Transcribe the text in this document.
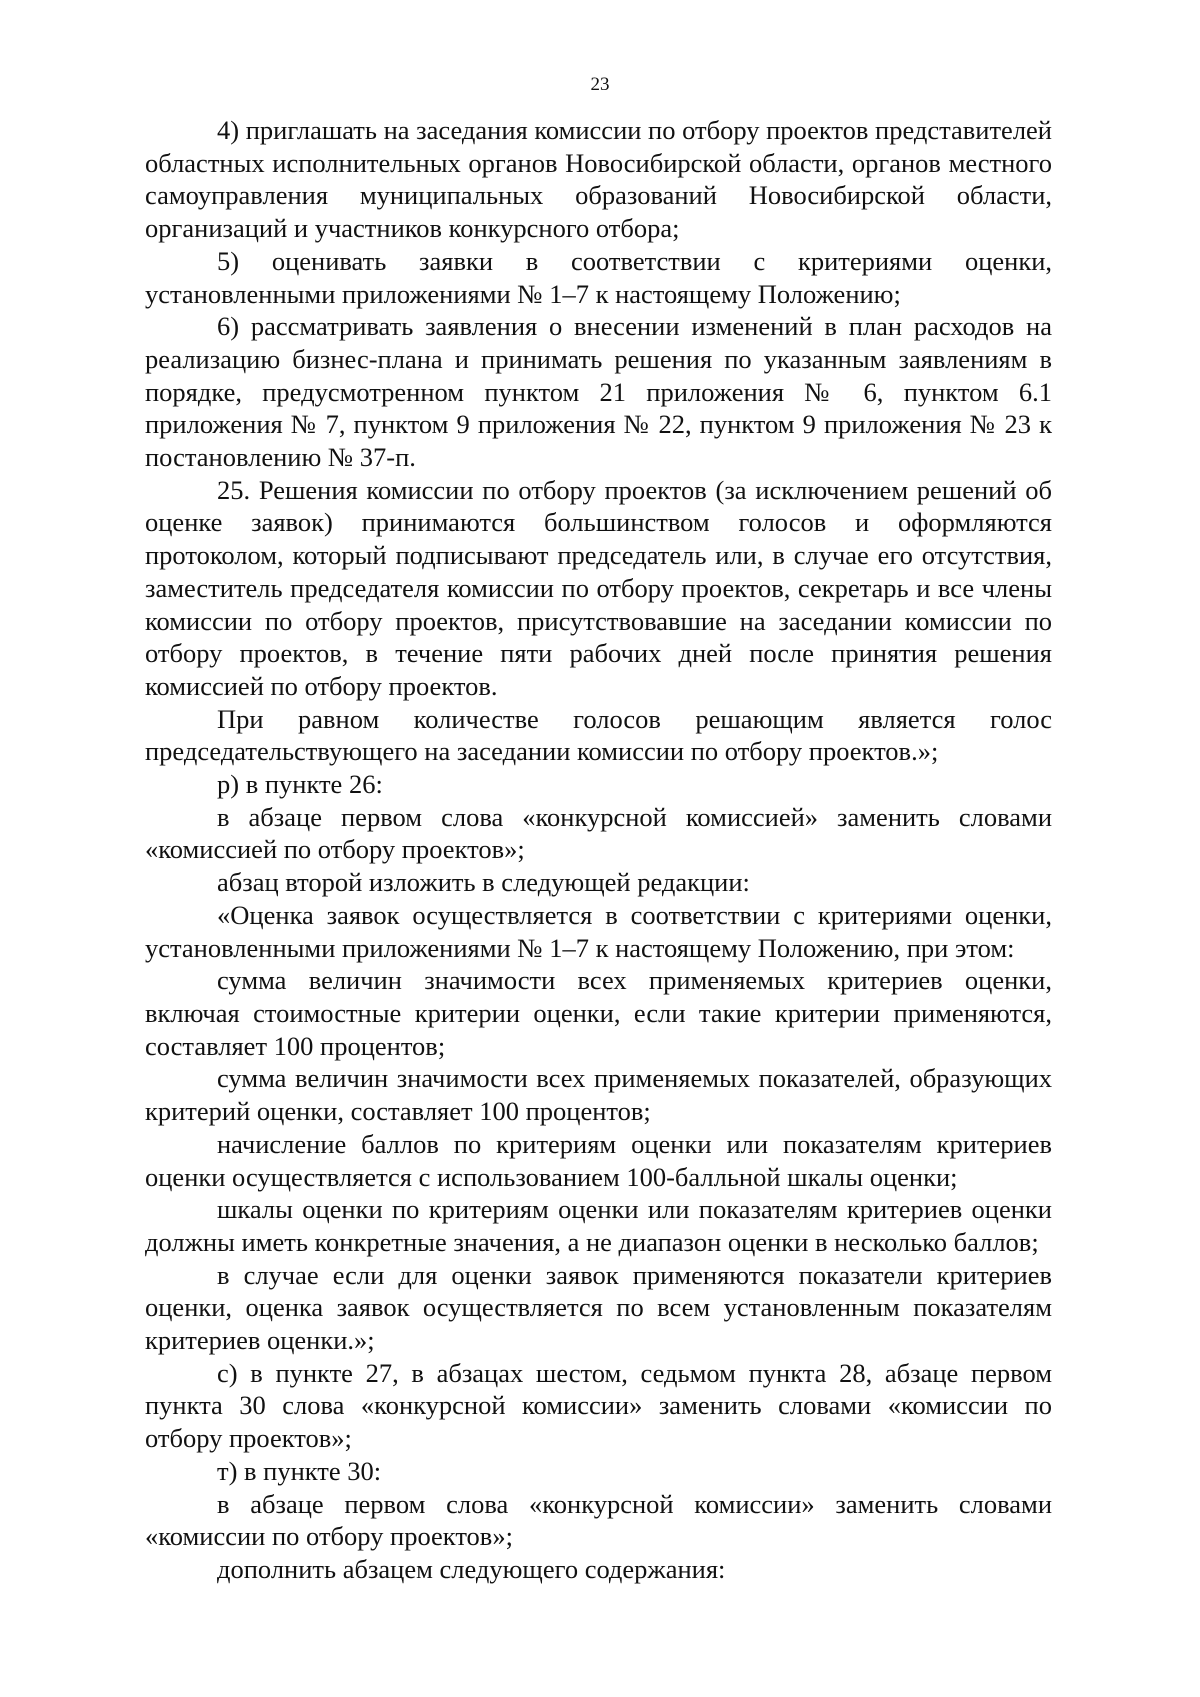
23

4) приглашать на заседания комиссии по отбору проектов представителей областных исполнительных органов Новосибирской области, органов местного самоуправления муниципальных образований Новосибирской области, организаций и участников конкурсного отбора;

5) оценивать заявки в соответствии с критериями оценки, установленными приложениями № 1–7 к настоящему Положению;

6) рассматривать заявления о внесении изменений в план расходов на реализацию бизнес-плана и принимать решения по указанным заявлениям в порядке, предусмотренном пунктом 21 приложения № 6, пунктом 6.1 приложения № 7, пунктом 9 приложения № 22, пунктом 9 приложения № 23 к постановлению № 37-п.

25. Решения комиссии по отбору проектов (за исключением решений об оценке заявок) принимаются большинством голосов и оформляются протоколом, который подписывают председатель или, в случае его отсутствия, заместитель председателя комиссии по отбору проектов, секретарь и все члены комиссии по отбору проектов, присутствовавшие на заседании комиссии по отбору проектов, в течение пяти рабочих дней после принятия решения комиссией по отбору проектов.

При равном количестве голосов решающим является голос председательствующего на заседании комиссии по отбору проектов.»;

р) в пункте 26:

в абзаце первом слова «конкурсной комиссией» заменить словами «комиссией по отбору проектов»;

абзац второй изложить в следующей редакции:

«Оценка заявок осуществляется в соответствии с критериями оценки, установленными приложениями № 1–7 к настоящему Положению, при этом:

сумма величин значимости всех применяемых критериев оценки, включая стоимостные критерии оценки, если такие критерии применяются, составляет 100 процентов;

сумма величин значимости всех применяемых показателей, образующих критерий оценки, составляет 100 процентов;

начисление баллов по критериям оценки или показателям критериев оценки осуществляется с использованием 100-балльной шкалы оценки;

шкалы оценки по критериям оценки или показателям критериев оценки должны иметь конкретные значения, а не диапазон оценки в несколько баллов;

в случае если для оценки заявок применяются показатели критериев оценки, оценка заявок осуществляется по всем установленным показателям критериев оценки.»;

с) в пункте 27, в абзацах шестом, седьмом пункта 28, абзаце первом пункта 30 слова «конкурсной комиссии» заменить словами «комиссии по отбору проектов»;

т) в пункте 30:

в абзаце первом слова «конкурсной комиссии» заменить словами «комиссии по отбору проектов»;

дополнить абзацем следующего содержания:
